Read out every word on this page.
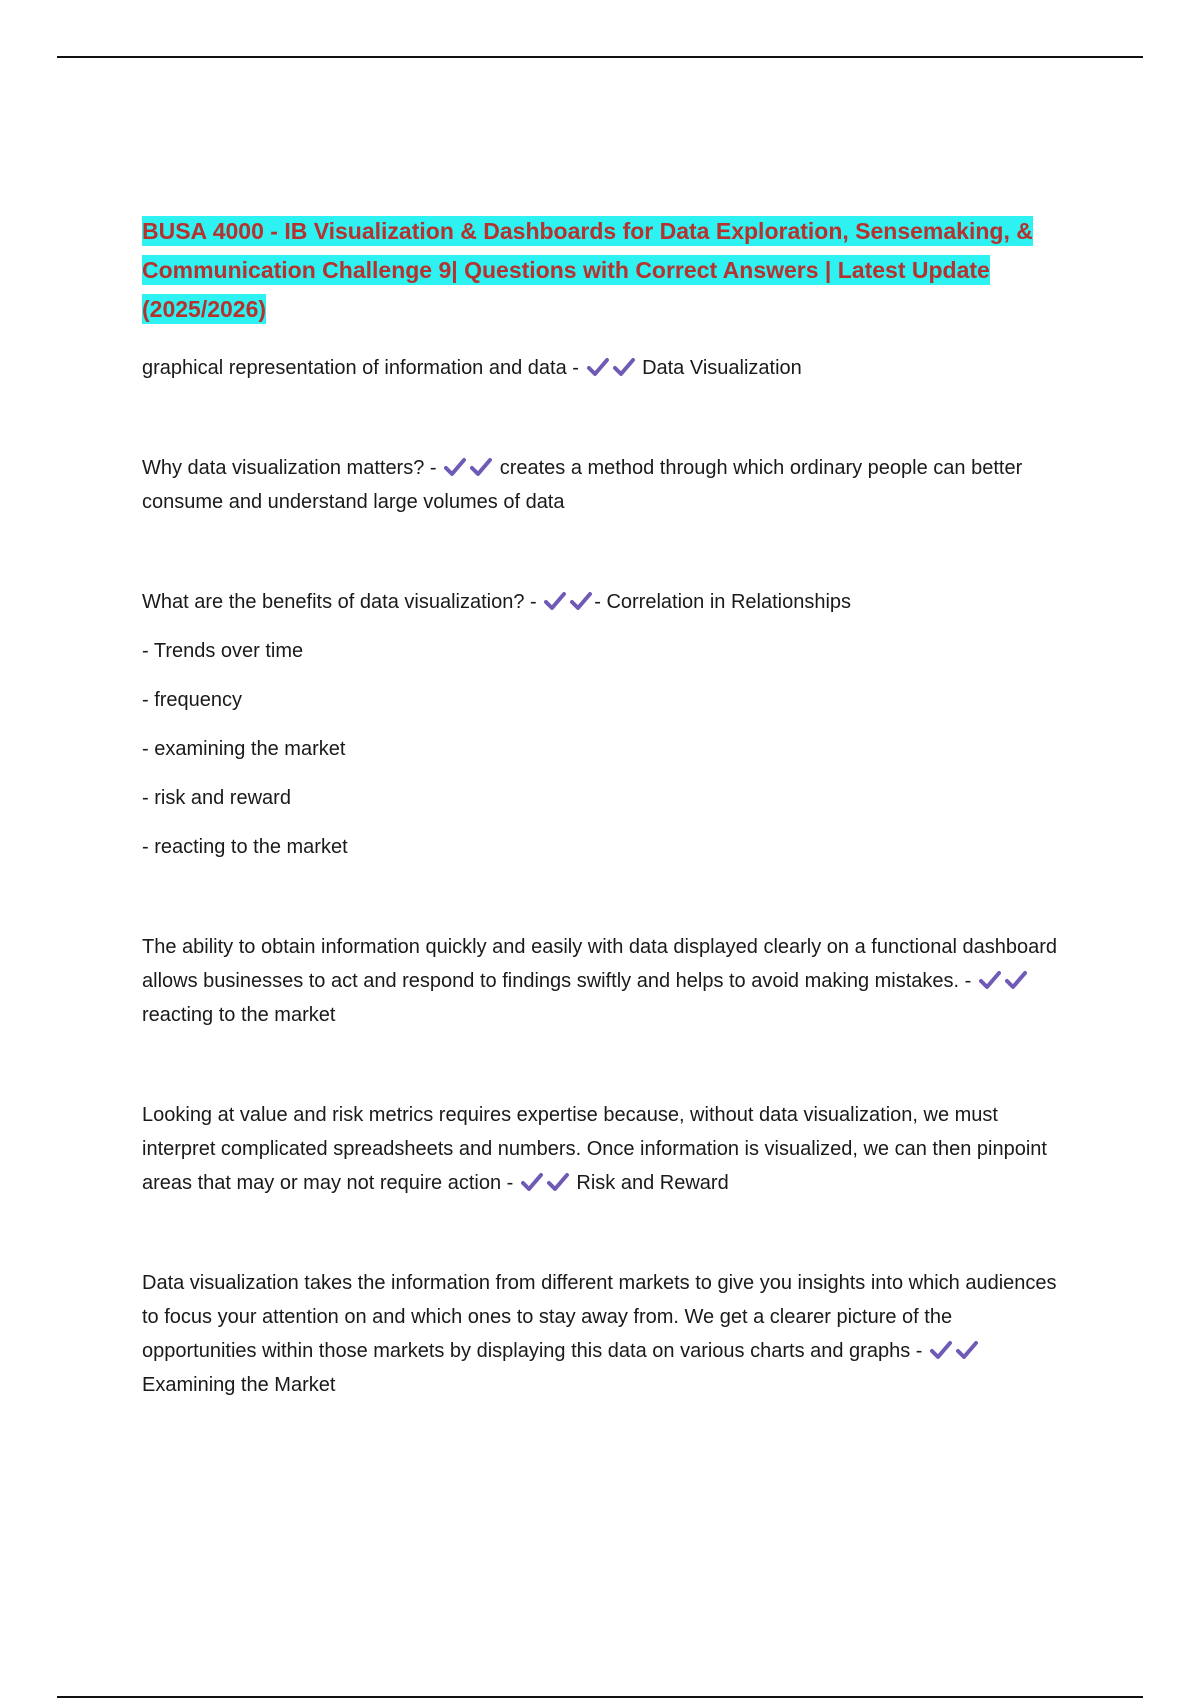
BUSA 4000 - IB Visualization & Dashboards for Data Exploration, Sensemaking, & Communication Challenge 9| Questions with Correct Answers | Latest Update (2025/2026)

graphical representation of information and data -	Data Visualization

Why data visualization matters? -	creates a method through which ordinary people can better consume and understand large volumes of data

What are the benefits of data visualization? -	- Correlation in Relationships

- Trends over time

- frequency

- examining the market

- risk and reward

- reacting to the market

The ability to obtain information quickly and easily with data displayed clearly on a functional dashboard allows businesses to act and respond to findings swiftly and helps to avoid making mistakes. -
reacting to the market

Looking at value and risk metrics requires expertise because, without data visualization, we must interpret complicated spreadsheets and numbers. Once information is visualized, we can then pinpoint areas that may or may not require action -	Risk and Reward

Data visualization takes the information from different markets to give you insights into which audiences to focus your attention on and which ones to stay away from. We get a clearer picture of the opportunities within those markets by displaying this data on various charts and graphs -
Examining the Market
